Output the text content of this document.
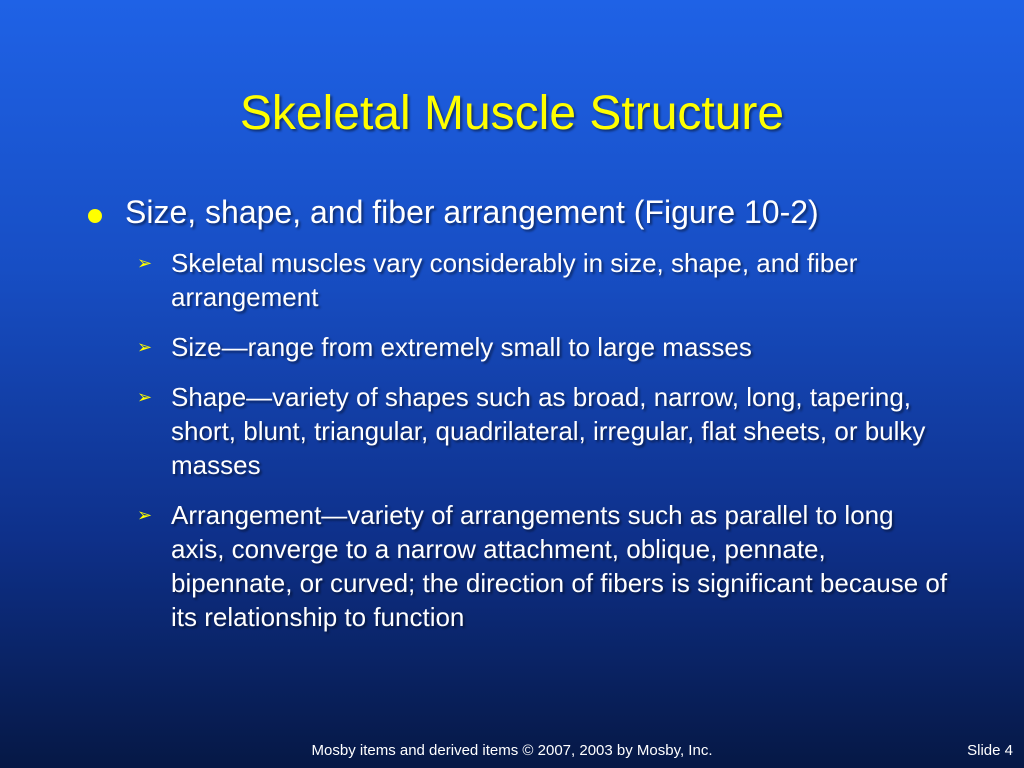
Skeletal Muscle Structure
Size, shape, and fiber arrangement (Figure 10-2)
➢ Skeletal muscles vary considerably in size, shape, and fiber arrangement
➢ Size—range from extremely small to large masses
➢ Shape—variety of shapes such as broad, narrow, long, tapering, short, blunt, triangular, quadrilateral, irregular, flat sheets, or bulky masses
➢ Arrangement—variety of arrangements such as parallel to long axis, converge to a narrow attachment, oblique, pennate, bipennate, or curved; the direction of fibers is significant because of its relationship to function
Mosby items and derived items © 2007, 2003 by Mosby, Inc.	Slide 4
